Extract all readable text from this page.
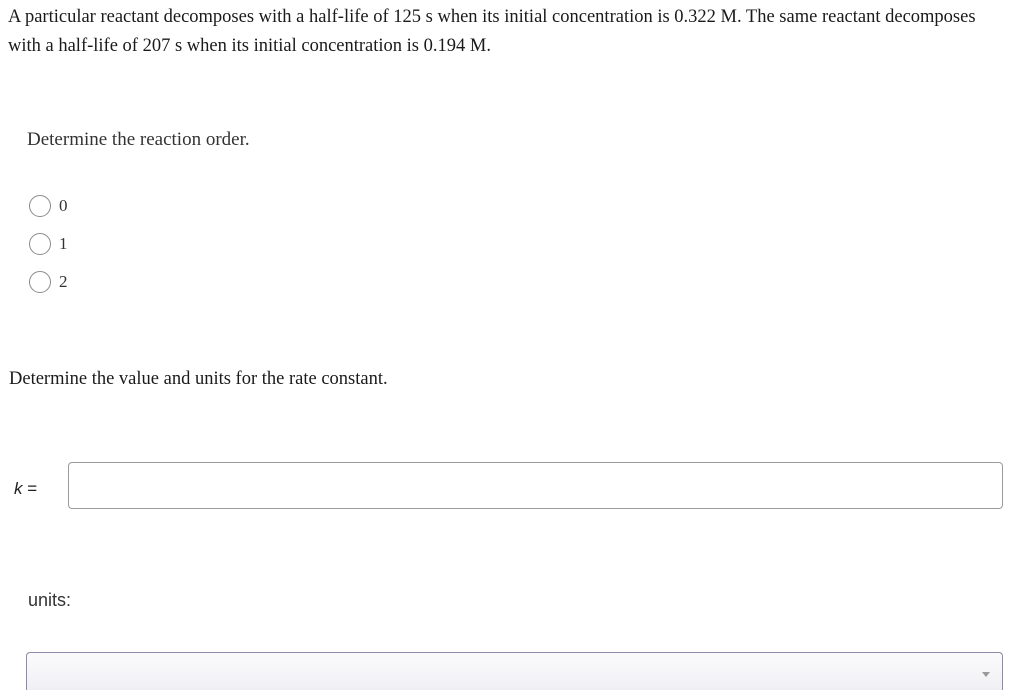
A particular reactant decomposes with a half-life of 125 s when its initial concentration is 0.322 M. The same reactant decomposes with a half-life of 207 s when its initial concentration is 0.194 M.
Determine the reaction order.
0
1
2
Determine the value and units for the rate constant.
k =
units:
